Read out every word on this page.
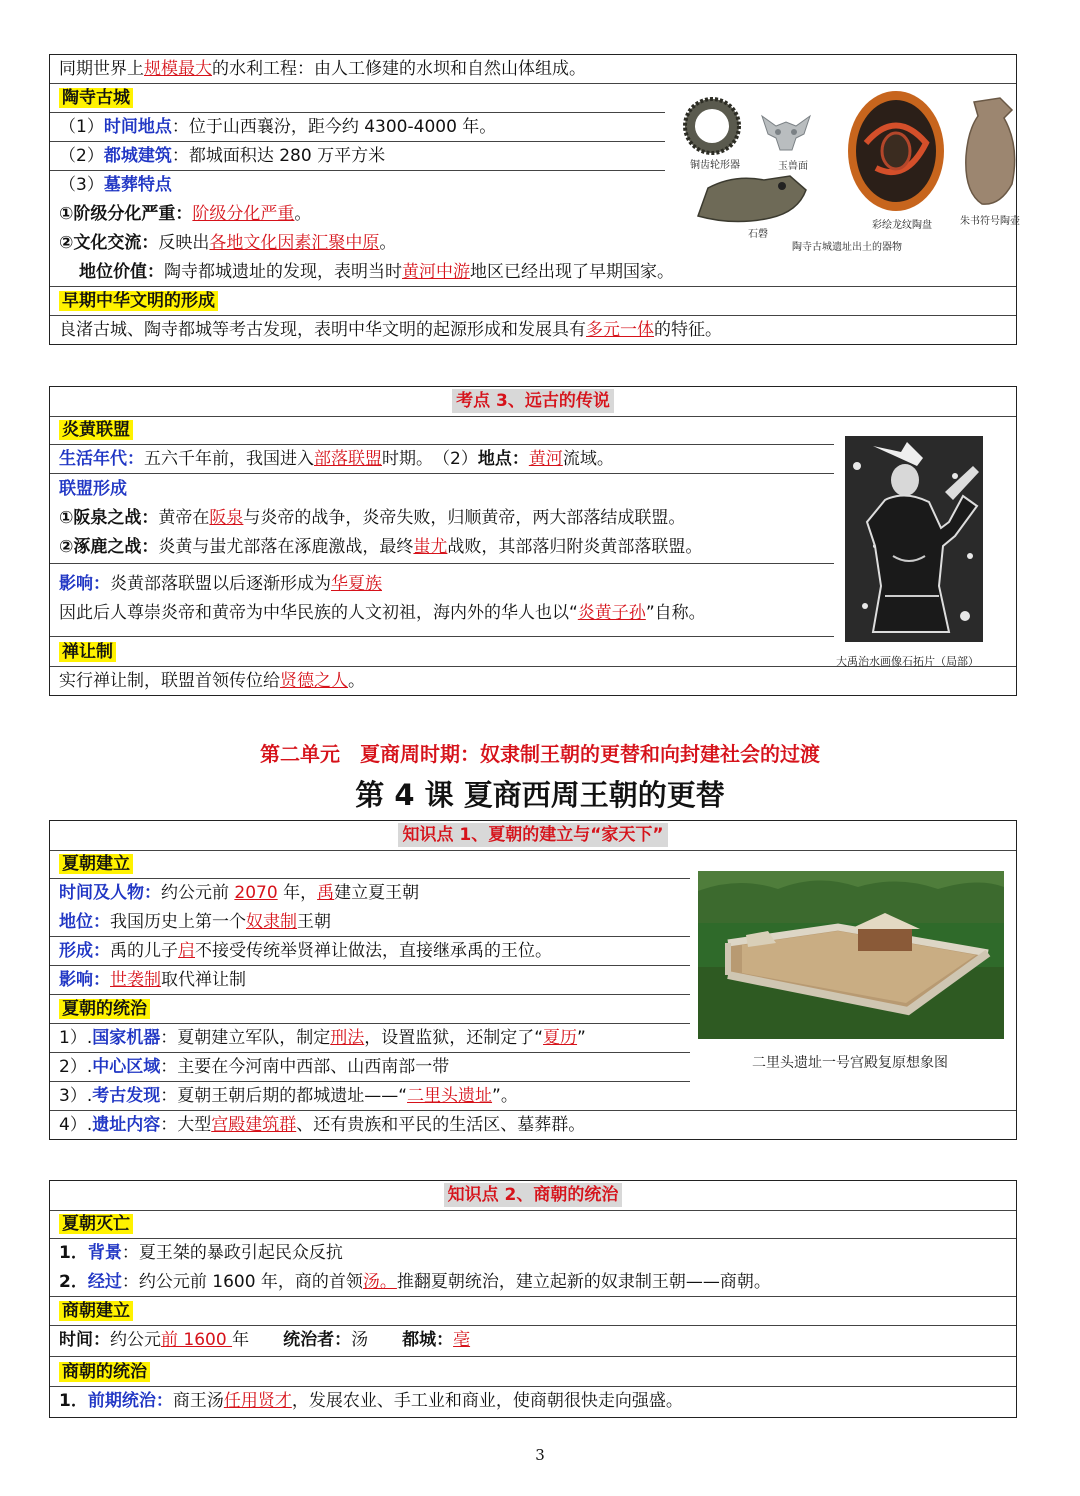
同期世界上规模最大的水利工程：由人工修建的水坝和自然山体组成。
陶寺古城
（1）时间地点：位于山西襄汾，距今约 4300-4000 年。
（2）都城建筑：都城面积达 280 万平方米
（3）墓葬特点
①阶级分化严重：阶级分化严重。
②文化交流：反映出各地文化因素汇聚中原。
地位价值：陶寺都城遗址的发现，表明当时黄河中游地区已经出现了早期国家。
早期中华文明的形成
良渚古城、陶寺都城等考古发现，表明中华文明的起源形成和发展具有多元一体的特征。
铜齿轮形器	玉兽面
彩绘龙纹陶盘	朱书符号陶壶
石磬
陶寺古城遗址出土的器物
考点 3、远古的传说
炎黄联盟
生活年代：五六千年前，我国进入部落联盟时期。　（2）地点：黄河流域。
联盟形成
①阪泉之战：黄帝在阪泉与炎帝的战争，炎帝失败，归顺黄帝，两大部落结成联盟。
②涿鹿之战：炎黄与蚩尤部落在涿鹿激战，最终蚩尤战败，其部落归附炎黄部落联盟。
影响：炎黄部落联盟以后逐渐形成为华夏族
因此后人尊崇炎帝和黄帝为中华民族的人文初祖，海内外的华人也以“炎黄子孙”自称。
禅让制
实行禅让制，联盟首领传位给贤德之人。
大禹治水画像石拓片（局部）
第二单元　夏商周时期：奴隶制王朝的更替和向封建社会的过渡
第 4 课 夏商西周王朝的更替
知识点 1、夏朝的建立与“家天下”
夏朝建立
时间及人物：约公元前 2070 年，禹建立夏王朝
地位：我国历史上第一个奴隶制王朝
形成：禹的儿子启不接受传统举贤禅让做法，直接继承禹的王位。
影响：世袭制取代禅让制
夏朝的统治
1）.国家机器：夏朝建立军队，制定刑法，设置监狱，还制定了“夏历”
2）.中心区域：主要在今河南中西部、山西南部一带
3）.考古发现：夏朝王朝后期的都城遗址——“二里头遗址”。
4）.遗址内容：大型宫殿建筑群、还有贵族和平民的生活区、墓葬群。
二里头遗址一号宫殿复原想象图
知识点 2、商朝的统治
夏朝灭亡
1．背景：夏王桀的暴政引起民众反抗
2．经过：约公元前 1600 年，商的首领汤。推翻夏朝统治，建立起新的奴隶制王朝——商朝。
商朝建立
时间：约公元前 1600 年　　统治者：汤　　都城：亳
商朝的统治
1．前期统治：商王汤任用贤才，发展农业、手工业和商业，使商朝很快走向强盛。
3
